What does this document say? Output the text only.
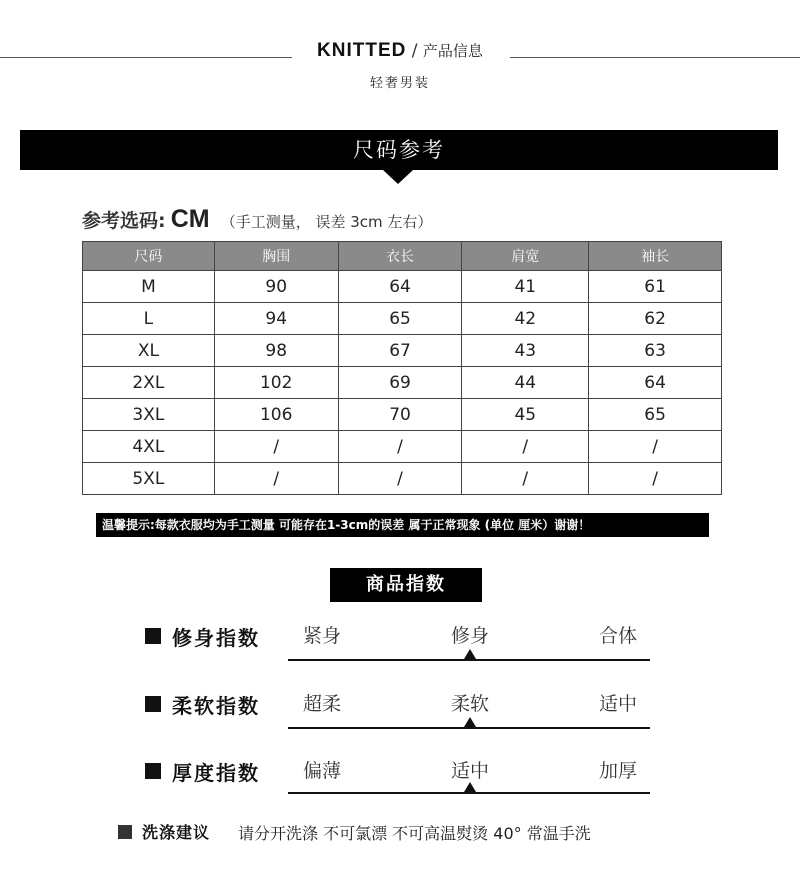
KNITTED / 产品信息
轻奢男装
尺码参考
参考选码: CM （手工测量， 误差 3cm 左右）
尺码	胸围	衣长	肩宽	袖长
M	90	64	41	61
L	94	65	42	62
XL	98	67	43	63
2XL	102	69	44	64
3XL	106	70	45	65
4XL	/	/	/	/
5XL	/	/	/	/
温馨提示:每款衣服均为手工测量 可能存在1-3cm的误差 属于正常现象 (单位 厘米）谢谢！
商品指数
修身指数	紧身	修身	合体
柔软指数	超柔	柔软	适中
厚度指数	偏薄	适中	加厚
洗涤建议 请分开洗涤 不可氯漂 不可高温熨烫 40° 常温手洗
